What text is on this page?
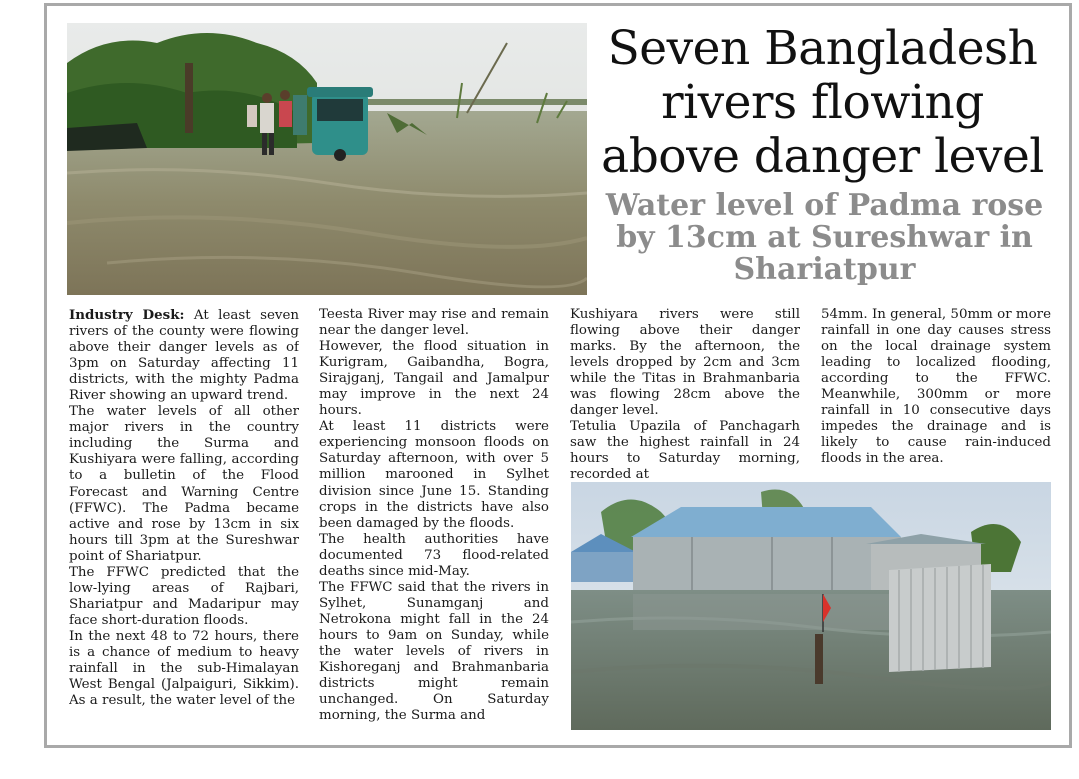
Seven Bangladesh rivers flowing above danger level
Water level of Padma rose by 13cm at Sureshwar in Shariatpur

Industry Desk: At least seven rivers of the county were flowing above their danger levels as of 3pm on Saturday affecting 11 districts, with the mighty Padma River showing an upward trend.

The water levels of all other major rivers in the country including the Surma and Kushiyara were falling, according to a bulletin of the Flood Forecast and Warning Centre (FFWC). The Padma became active and rose by 13cm in six hours till 3pm at the Sureshwar point of Shariatpur.

The FFWC predicted that the low-lying areas of Rajbari, Shariatpur and Madaripur may face short-duration floods.

In the next 48 to 72 hours, there is a chance of medium to heavy rainfall in the sub-Himalayan West Bengal (Jalpaiguri, Sikkim). As a result, the water level of the

Teesta River may rise and remain near the danger level.

However, the flood situation in Kurigram, Gaibandha, Bogra, Sirajganj, Tangail and Jamalpur may improve in the next 24 hours.

At least 11 districts were experiencing monsoon floods on Saturday afternoon, with over 5 million marooned in Sylhet division since June 15. Standing crops in the districts have also been damaged by the floods.

The health authorities have documented 73 flood-related deaths since mid-May.

The FFWC said that the rivers in Sylhet, Sunamganj and Netrokona might fall in the 24 hours to 9am on Sunday, while the water levels of rivers in Kishoreganj and Brahmanbaria districts might remain unchanged. On Saturday morning, the Surma and

Kushiyara rivers were still flowing above their danger marks. By the afternoon, the levels dropped by 2cm and 3cm while the Titas in Brahmanbaria was flowing 28cm above the danger level.

Tetulia Upazila of Panchagarh saw the highest rainfall in 24 hours to Saturday morning, recorded at

54mm. In general, 50mm or more rainfall in one day causes stress on the local drainage system leading to localized flooding, according to the FFWC. Meanwhile, 300mm or more rainfall in 10 consecutive days impedes the drainage and is likely to cause rain-induced floods in the area.
